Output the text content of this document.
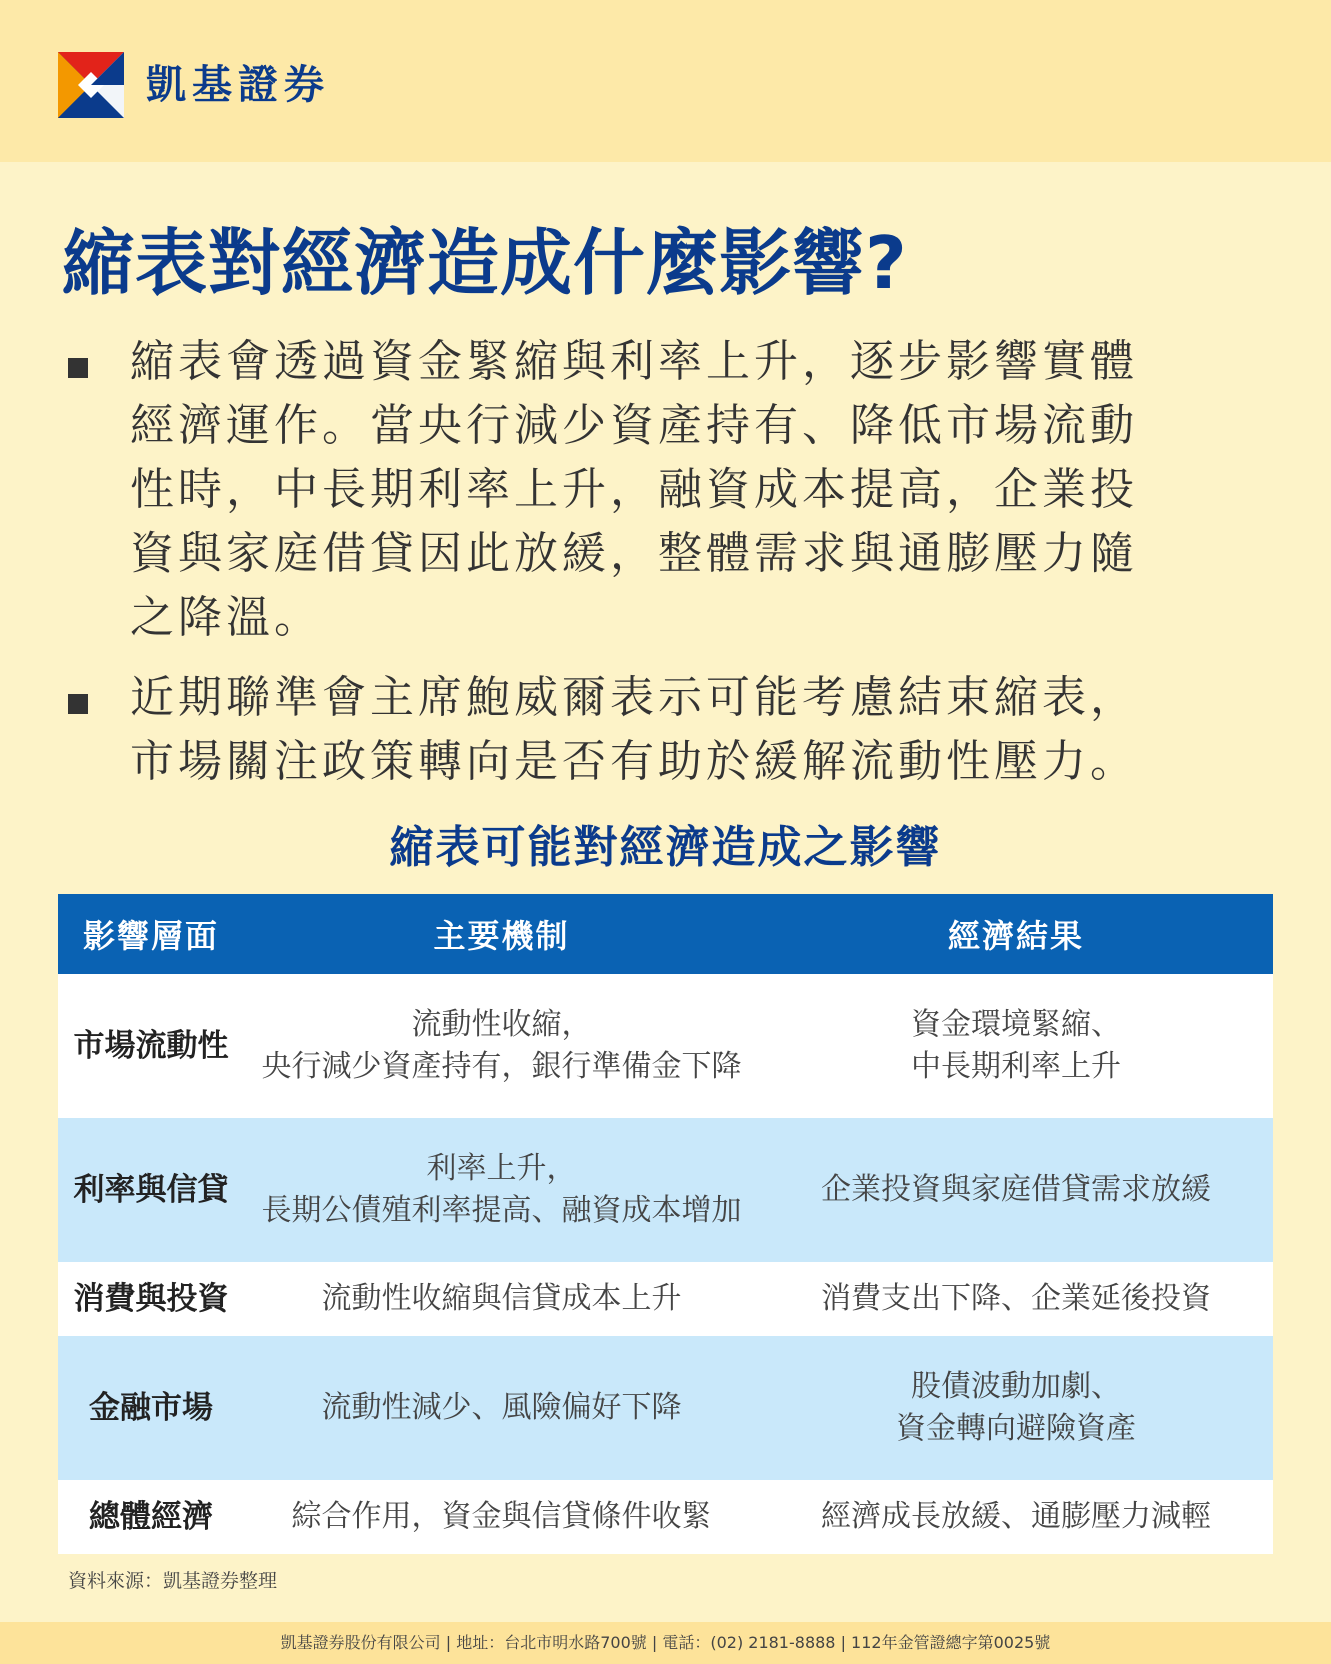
凱基證券
縮表對經濟造成什麼影響?
縮表會透過資金緊縮與利率上升，逐步影響實體
經濟運作。當央行減少資產持有、降低市場流動
性時，中長期利率上升，融資成本提高，企業投
資與家庭借貸因此放緩，整體需求與通膨壓力隨
之降溫。
近期聯準會主席鮑威爾表示可能考慮結束縮表，
市場關注政策轉向是否有助於緩解流動性壓力。
縮表可能對經濟造成之影響
影響層面	主要機制	經濟結果
市場流動性	流動性收縮，
央行減少資產持有，銀行準備金下降	資金環境緊縮、
中長期利率上升

利率與信貸	利率上升，
長期公債殖利率提高、融資成本增加	企業投資與家庭借貸需求放緩

消費與投資	流動性收縮與信貸成本上升	消費支出下降、企業延後投資

金融市場	流動性減少、風險偏好下降	股債波動加劇、
資金轉向避險資產

總體經濟	綜合作用，資金與信貸條件收緊	經濟成長放緩、通膨壓力減輕
資料來源：凱基證券整理
凱基證券股份有限公司 | 地址：台北市明水路700號 | 電話：(02) 2181-8888 | 112年金管證總字第0025號
